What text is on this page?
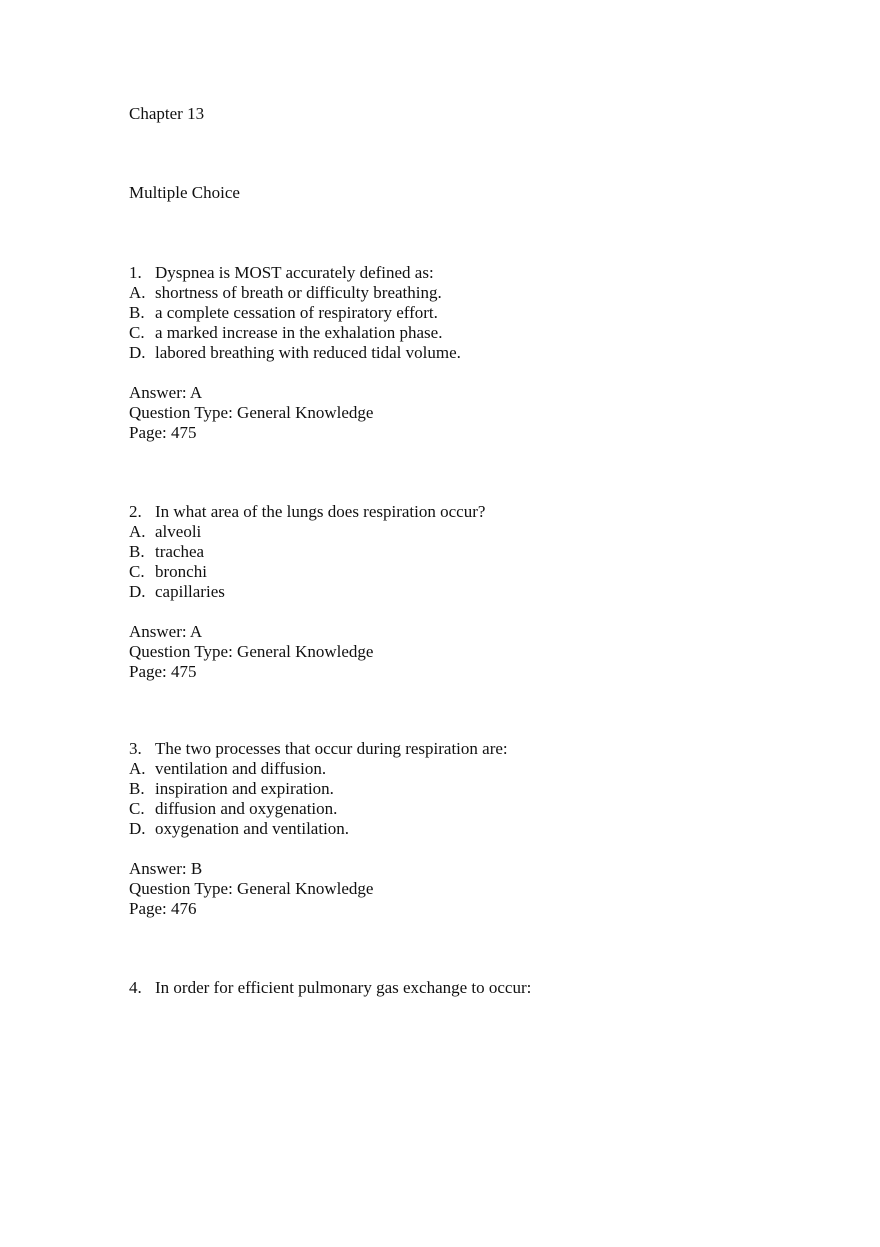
Chapter 13
Multiple Choice
1. Dyspnea is MOST accurately defined as:
A. shortness of breath or difficulty breathing.
B. a complete cessation of respiratory effort.
C. a marked increase in the exhalation phase.
D. labored breathing with reduced tidal volume.
Answer: A
Question Type: General Knowledge
Page: 475
2. In what area of the lungs does respiration occur?
A. alveoli
B. trachea
C. bronchi
D. capillaries
Answer: A
Question Type: General Knowledge
Page: 475
3. The two processes that occur during respiration are:
A. ventilation and diffusion.
B. inspiration and expiration.
C. diffusion and oxygenation.
D. oxygenation and ventilation.
Answer: B
Question Type: General Knowledge
Page: 476
4. In order for efficient pulmonary gas exchange to occur:
